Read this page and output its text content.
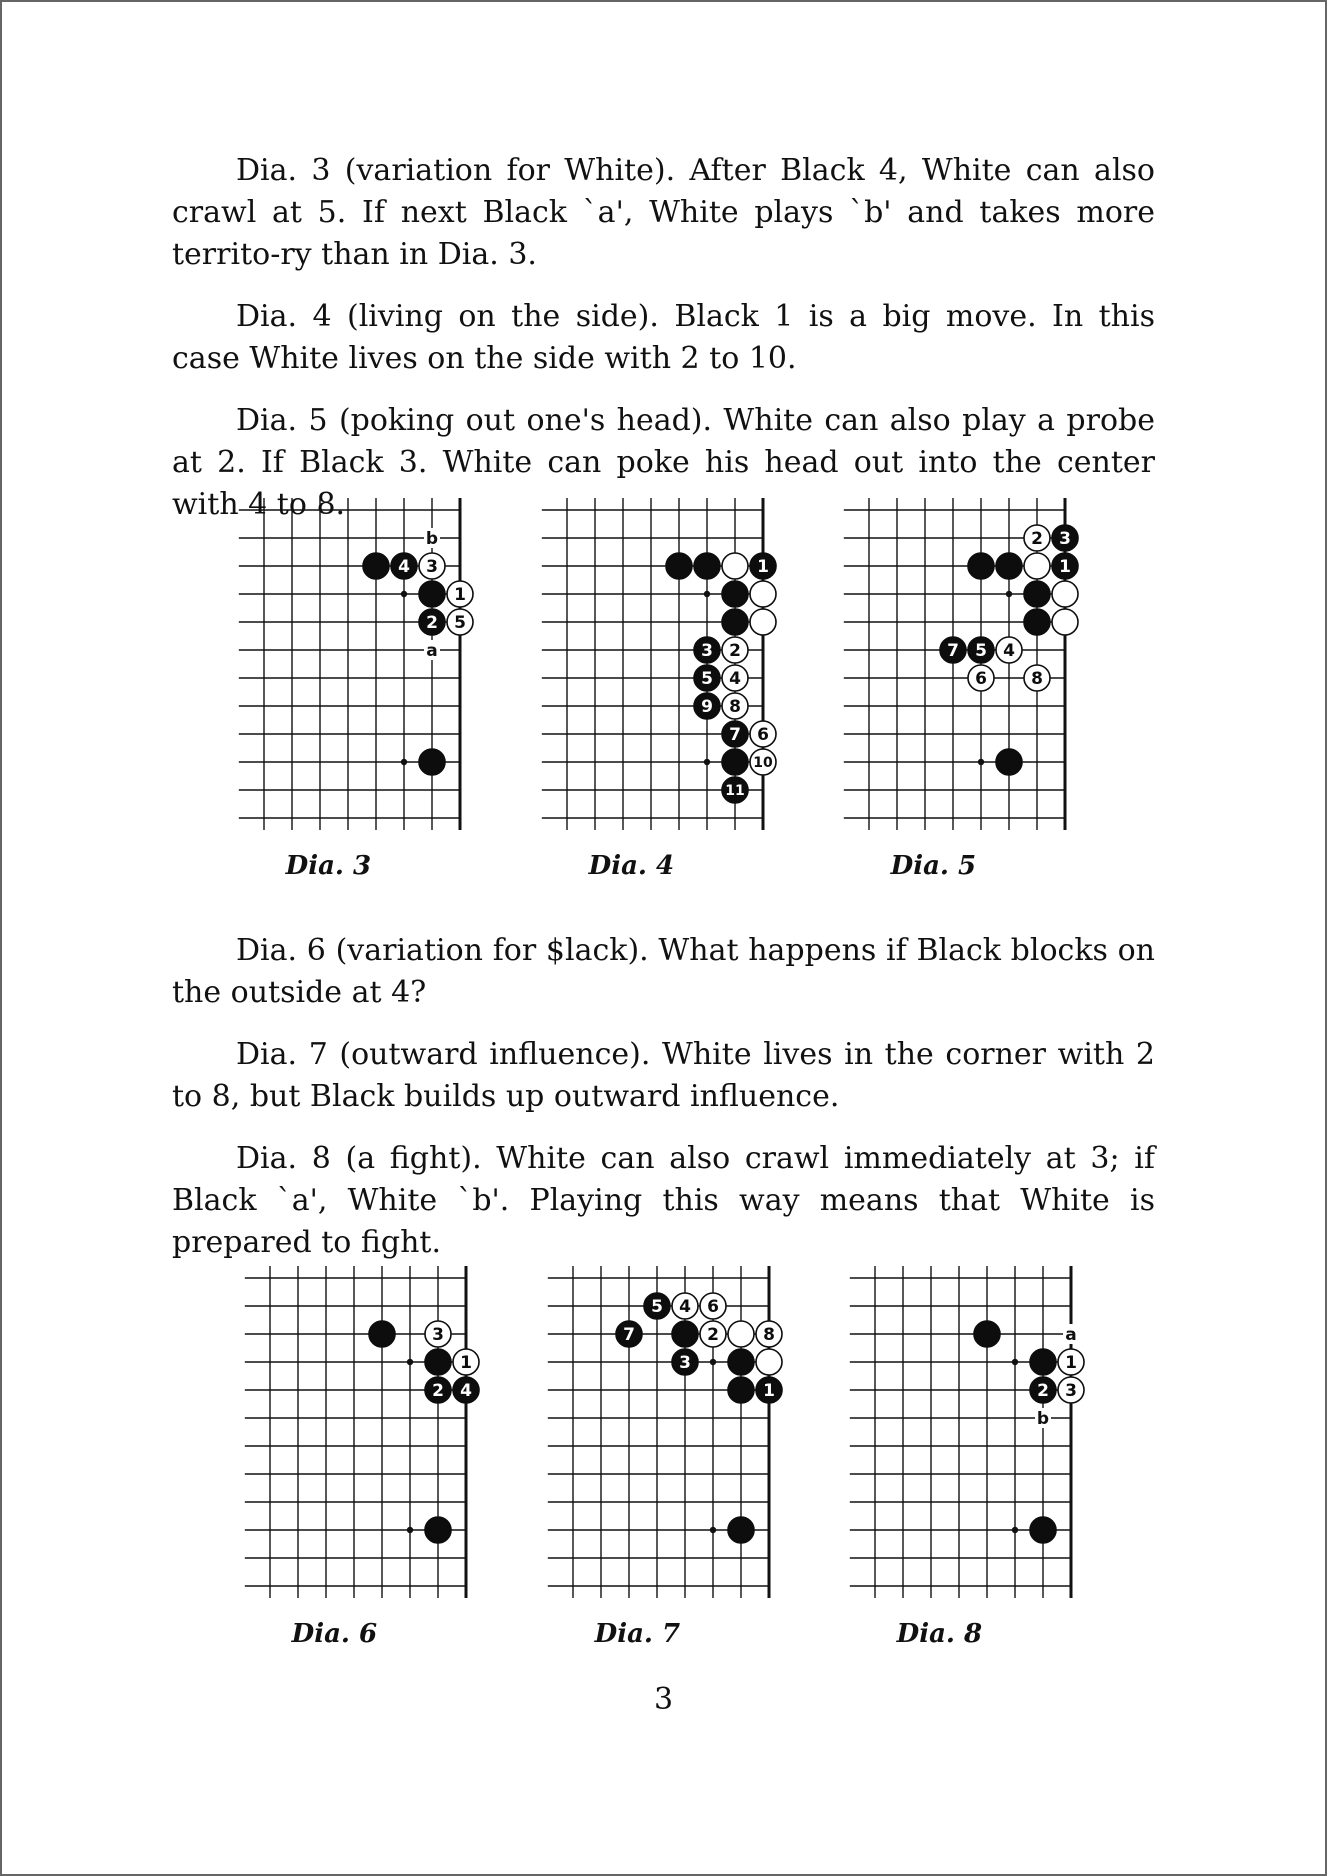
Dia. 3 (variation for White). After Black 4, White can also crawl at 5. If next Black `a', White plays `b' and takes more territo-ry than in Dia. 3.

Dia. 4 (living on the side). Black 1 is a big move. In this case White lives on the side with 2 to 10.

Dia. 5 (poking out one's head). White can also play a probe at 2. If Black 3. White can poke his head out into the center with 4 to 8.

b
a
4 3
1
2 5
Dia. 3
1
3 2
5 4
9 8
7 6
10
11
Dia. 4
2 3
1
7 5 4
6	8
Dia. 5

Dia. 6 (variation for $lack). What happens if Black blocks on the outside at 4?

Dia. 7 (outward influence). White lives in the corner with 2 to 8, but Black builds up outward influence.

Dia. 8 (a fight). White can also crawl immediately at 3; if Black `a', White `b'. Playing this way means that White is prepared to fight.

3
1
2 4
Dia. 6
5 4 6
7	2	8
3
1
Dia. 7
a
b
1
2 3
Dia. 8
3
